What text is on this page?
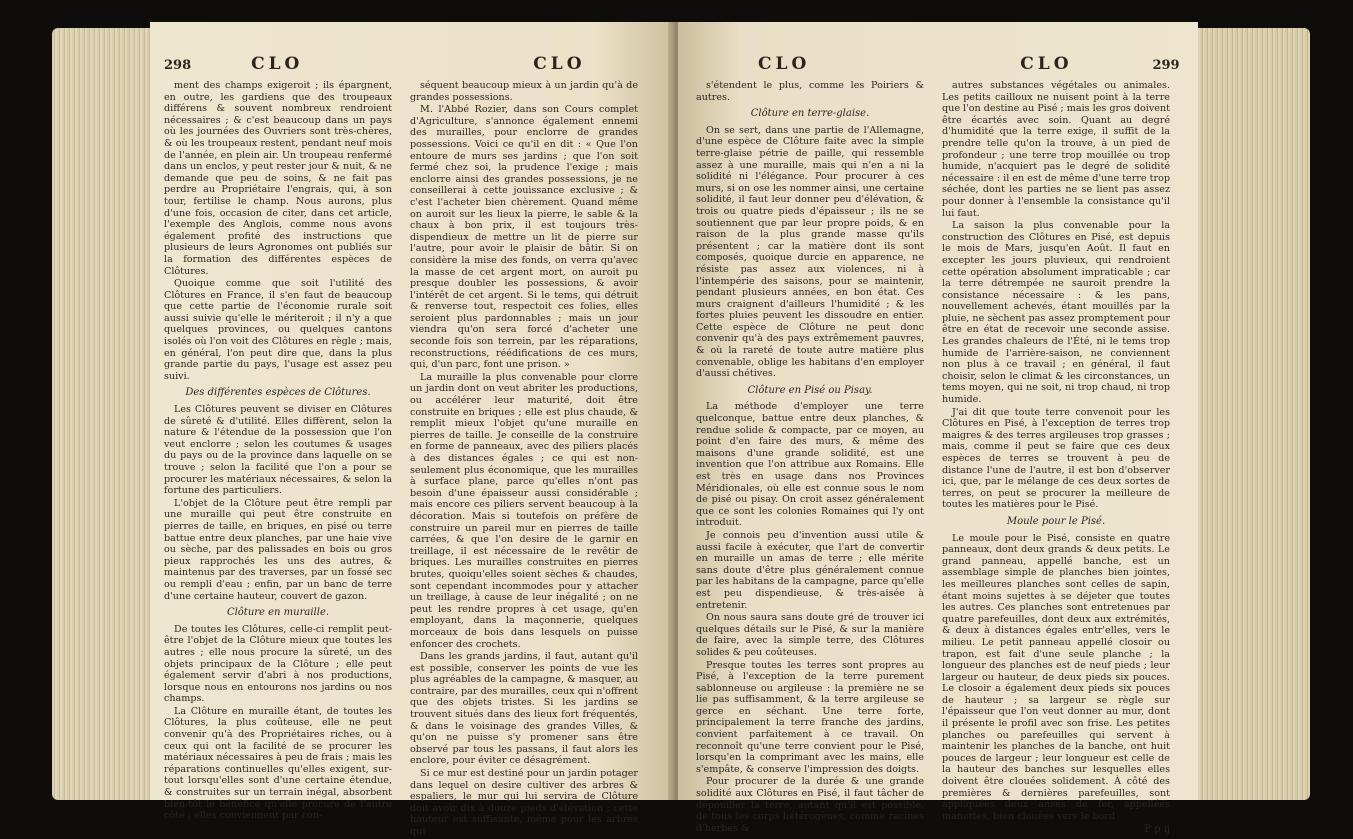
298	CLO	CLO

ment des champs exigeroit ; ils épargnent, en outre, les gardiens que des troupeaux différens & souvent nombreux rendroient nécessaires ; & c'est beaucoup dans un pays où les journées des Ouvriers sont très-chères, & où les troupeaux restent, pendant neuf mois de l'année, en plein air. Un troupeau renfermé dans un enclos, y peut rester jour & nuit, & ne demande que peu de soins, & ne fait pas perdre au Propriétaire l'engrais, qui, à son tour, fertilise le champ. Nous aurons, plus d'une fois, occasion de citer, dans cet article, l'exemple des Anglois, comme nous avons également profité des instructions que plusieurs de leurs Agronomes ont publiés sur la formation des différentes espèces de Clôtures.

Quoique comme que soit l'utilité des Clôtures en France, il s'en faut de beaucoup que cette partie de l'économie rurale soit aussi suivie qu'elle le mériteroit ; il n'y a que quelques provinces, ou quelques cantons isolés où l'on voit des Clôtures en règle ; mais, en général, l'on peut dire que, dans la plus grande partie du pays, l'usage est assez peu suivi.

Des différentes espèces de Clôtures.

Les Clôtures peuvent se diviser en Clôtures de sûreté & d'utilité. Elles diffèrent, selon la nature & l'étendue de la possession que l'on veut enclorre ; selon les coutumes & usages du pays ou de la province dans laquelle on se trouve ; selon la facilité que l'on a pour se procurer les matériaux nécessaires, & selon la fortune des particuliers.

L'objet de la Clôture peut être rempli par une muraille qui peut être construite en pierres de taille, en briques, en pisé ou terre battue entre deux planches, par une haie vive ou sèche, par des palissades en bois ou gros pieux rapprochés les uns des autres, & maintenus par des traverses, par un fossé sec ou rempli d'eau ; enfin, par un banc de terre d'une certaine hauteur, couvert de gazon.

Clôture en muraille.

De toutes les Clôtures, celle-ci remplit peut-être l'objet de la Clôture mieux que toutes les autres ; elle nous procure la sûreté, un des objets principaux de la Clôture ; elle peut également servir d'abri à nos productions, lorsque nous en entourons nos jardins ou nos champs.

La Clôture en muraille étant, de toutes les Clôtures, la plus coûteuse, elle ne peut convenir qu'à des Propriétaires riches, ou à ceux qui ont la facilité de se procurer les matériaux nécessaires à peu de frais ; mais les réparations continuelles qu'elles exigent, sur-tout lorsqu'elles sont d'une certaine étendue, & construites sur un terrain inégal, absorbent bien-tôt le bénéfice qu'elle procure de l'autre côté ; elles conviennent par con-

séquent beaucoup mieux à un jardin qu'à de grandes possessions.

M. l'Abbé Rozier, dans son Cours complet d'Agriculture, s'annonce également ennemi des murailles, pour enclorre de grandes possessions. Voici ce qu'il en dit : « Que l'on entoure de murs ses jardins ; que l'on soit fermé chez soi, la prudence l'exige ; mais enclorre ainsi des grandes possessions, je ne conseillerai à cette jouissance exclusive ; & c'est l'acheter bien chèrement. Quand même on auroit sur les lieux la pierre, le sable & la chaux à bon prix, il est toujours très-dispendieux de mettre un lit de pierre sur l'autre, pour avoir le plaisir de bâtir. Si on considère la mise des fonds, on verra qu'avec la masse de cet argent mort, on auroit pu presque doubler les possessions, & avoir l'intérêt de cet argent. Si le tems, qui détruit & renverse tout, respectoit ces folies, elles seroient plus pardonnables ; mais un jour viendra qu'on sera forcé d'acheter une seconde fois son terrein, par les réparations, reconstructions, réédifications de ces murs, qui, d'un parc, font une prison. »

La muraille la plus convenable pour clorre un jardin dont on veut abriter les productions, ou accélérer leur maturité, doit être construite en briques ; elle est plus chaude, & remplit mieux l'objet qu'une muraille en pierres de taille. Je conseille de la construire en forme de panneaux, avec des piliers placés à des distances égales ; ce qui est non-seulement plus économique, que les murailles à surface plane, parce qu'elles n'ont pas besoin d'une épaisseur aussi considérable ; mais encore ces piliers servent beaucoup à la décoration. Mais si toutefois on préfère de construire un pareil mur en pierres de taille carrées, & que l'on desire de le garnir en treillage, il est nécessaire de le revêtir de briques. Les murailles construites en pierres brutes, quoiqu'elles soient sèches & chaudes, sont cependant incommodes pour y attacher un treillage, à cause de leur inégalité ; on ne peut les rendre propres à cet usage, qu'en employant, dans la maçonnerie, quelques morceaux de bois dans lesquels on puisse enfoncer des crochets.

Dans les grands jardins, il faut, autant qu'il est possible, conserver les points de vue les plus agréables de la campagne, & masquer, au contraire, par des murailles, ceux qui n'offrent que des objets tristes. Si les jardins se trouvent situés dans des lieux fort fréquentés, & dans le voisinage des grandes Villes, & qu'on ne puisse s'y promener sans être observé par tous les passans, il faut alors les enclore, pour éviter ce désagrément.

Si ce mur est destiné pour un jardin potager dans lequel on desire cultiver des arbres & espaliers, le mur qui lui servira de Clôture doit avoir dix à douze pieds d'élévation ; cette hauteur est suffisante, même pour les arbres qui

CLO	CLO	299

s'étendent le plus, comme les Poiriers & autres.

Clôture en terre-glaise.

On se sert, dans une partie de l'Allemagne, d'une espèce de Clôture faite avec la simple terre-glaise pétrie de paille, qui ressemble assez à une muraille, mais qui n'en a ni la solidité ni l'élégance. Pour procurer à ces murs, si on ose les nommer ainsi, une certaine solidité, il faut leur donner peu d'élévation, & trois ou quatre pieds d'épaisseur ; ils ne se soutiennent que par leur propre poids, & en raison de la plus grande masse qu'ils présentent ; car la matière dont ils sont composés, quoique durcie en apparence, ne résiste pas assez aux violences, ni à l'intempérie des saisons, pour se maintenir, pendant plusieurs années, en bon état. Ces murs craignent d'ailleurs l'humidité ; & les fortes pluies peuvent les dissoudre en entier. Cette espèce de Clôture ne peut donc convenir qu'à des pays extrêmement pauvres, & où la rareté de toute autre matière plus convenable, oblige les habitans d'en employer d'aussi chétives.

Clôture en Pisé ou Pisay.

La méthode d'employer une terre quelconque, battue entre deux planches, & rendue solide & compacte, par ce moyen, au point d'en faire des murs, & même des maisons d'une grande solidité, est une invention que l'on attribue aux Romains. Elle est très en usage dans nos Provinces Méridionales, où elle est connue sous le nom de pisé ou pisay. On croit assez généralement que ce sont les colonies Romaines qui l'y ont introduit.

Je connois peu d'invention aussi utile & aussi facile à exécuter, que l'art de convertir en muraille un amas de terre ; elle mérite sans doute d'être plus généralement connue par les habitans de la campagne, parce qu'elle est peu dispendieuse, & très-aisée à entretenir.

On nous saura sans doute gré de trouver ici quelques détails sur le Pisé, & sur la manière de faire, avec la simple terre, des Clôtures solides & peu coûteuses.

Presque toutes les terres sont propres au Pisé, à l'exception de la terre purement sablonneuse ou argileuse : la première ne se lie pas suffisamment, & la terre argileuse se gerce en séchant. Une terre forte, principalement la terre franche des jardins, convient parfaitement à ce travail. On reconnoît qu'une terre convient pour le Pisé, lorsqu'en la comprimant avec les mains, elle s'empâte, & conserve l'impression des doigts.

Pour procurer de la durée & une grande solidité aux Clôtures en Pisé, il faut tâcher de dépouiller la terre, autant qu'il est possible, de tous les corps hétérogènes, comme racines d'herbes &

autres substances végétales ou animales. Les petits cailloux ne nuisent point à la terre que l'on destine au Pisé ; mais les gros doivent être écartés avec soin. Quant au degré d'humidité que la terre exige, il suffit de la prendre telle qu'on la trouve, à un pied de profondeur ; une terre trop mouillée ou trop humide, n'acquiert pas le degré de solidité nécessaire : il en est de même d'une terre trop séchée, dont les parties ne se lient pas assez pour donner à l'ensemble la consistance qu'il lui faut.

La saison la plus convenable pour la construction des Clôtures en Pisé, est depuis le mois de Mars, jusqu'en Août. Il faut en excepter les jours pluvieux, qui rendroient cette opération absolument impraticable ; car la terre détrempée ne sauroit prendre la consistance nécessaire : & les pans, nouvellement achevés, étant mouillés par la pluie, ne sèchent pas assez promptement pour être en état de recevoir une seconde assise. Les grandes chaleurs de l'Été, ni le tems trop humide de l'arrière-saison, ne conviennent non plus à ce travail ; en général, il faut choisir, selon le climat & les circonstances, un tems moyen, qui ne soit, ni trop chaud, ni trop humide.

J'ai dit que toute terre convenoit pour les Clôtures en Pisé, à l'exception de terres trop maigres & des terres argileuses trop grasses ; mais, comme il peut se faire que ces deux espèces de terres se trouvent à peu de distance l'une de l'autre, il est bon d'observer ici, que, par le mélange de ces deux sortes de terres, on peut se procurer la meilleure de toutes les matières pour le Pisé.

Moule pour le Pisé.

Le moule pour le Pisé, consiste en quatre panneaux, dont deux grands & deux petits. Le grand panneau, appellé banche, est un assemblage simple de planches bien jointes, les meilleures planches sont celles de sapin, étant moins sujettes à se déjeter que toutes les autres. Ces planches sont entretenues par quatre parefeuilles, dont deux aux extrémités, & deux à distances égales entr'elles, vers le milieu. Le petit panneau appellé closoir ou trapon, est fait d'une seule planche ; la longueur des planches est de neuf pieds ; leur largeur ou hauteur, de deux pieds six pouces. Le closoir a également deux pieds six pouces de hauteur ; sa largeur se règle sur l'épaisseur que l'on veut donner au mur, dont il présente le profil avec son frise. Les petites planches ou parefeuilles qui servent à maintenir les planches de la banche, ont huit pouces de largeur ; leur longueur est celle de la hauteur des banches sur lesquelles elles doivent être clouées solidement. À côté des premières & dernières parefeuilles, sont appliquées deux anses de fer, appellées manettes, bien clouées vers le bord

P p ij
